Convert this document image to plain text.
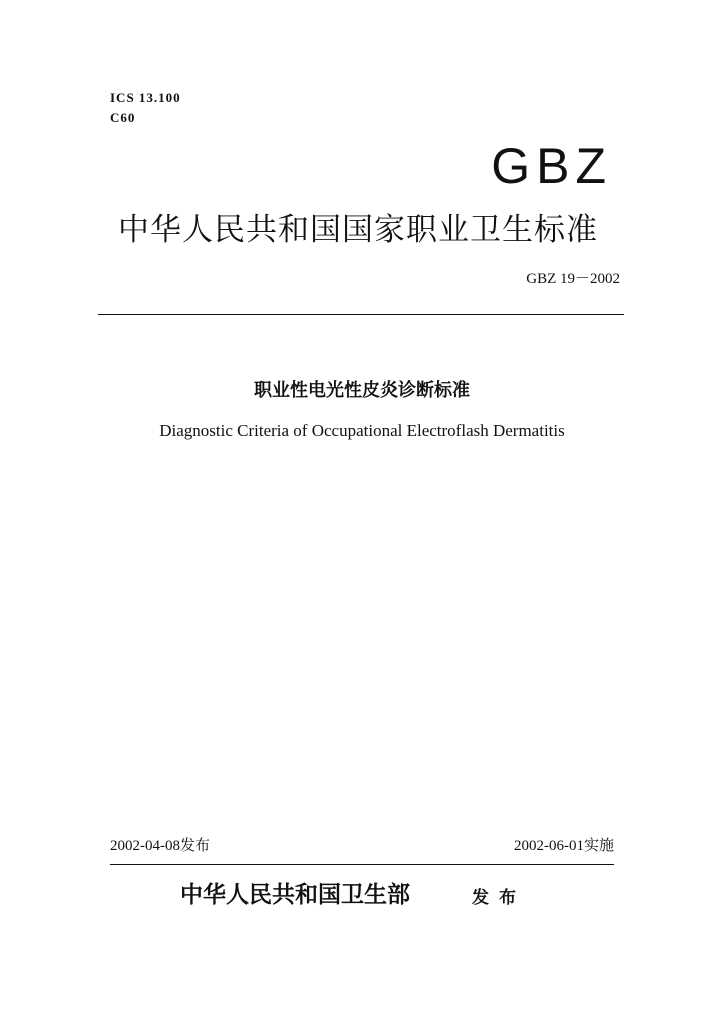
ICS 13.100
C60
GBZ
中华人民共和国国家职业卫生标准
GBZ 19－2002
职业性电光性皮炎诊断标准
Diagnostic Criteria of Occupational Electroflash Dermatitis
2002-04-08发布	2002-06-01实施
中华人民共和国卫生部	发布
